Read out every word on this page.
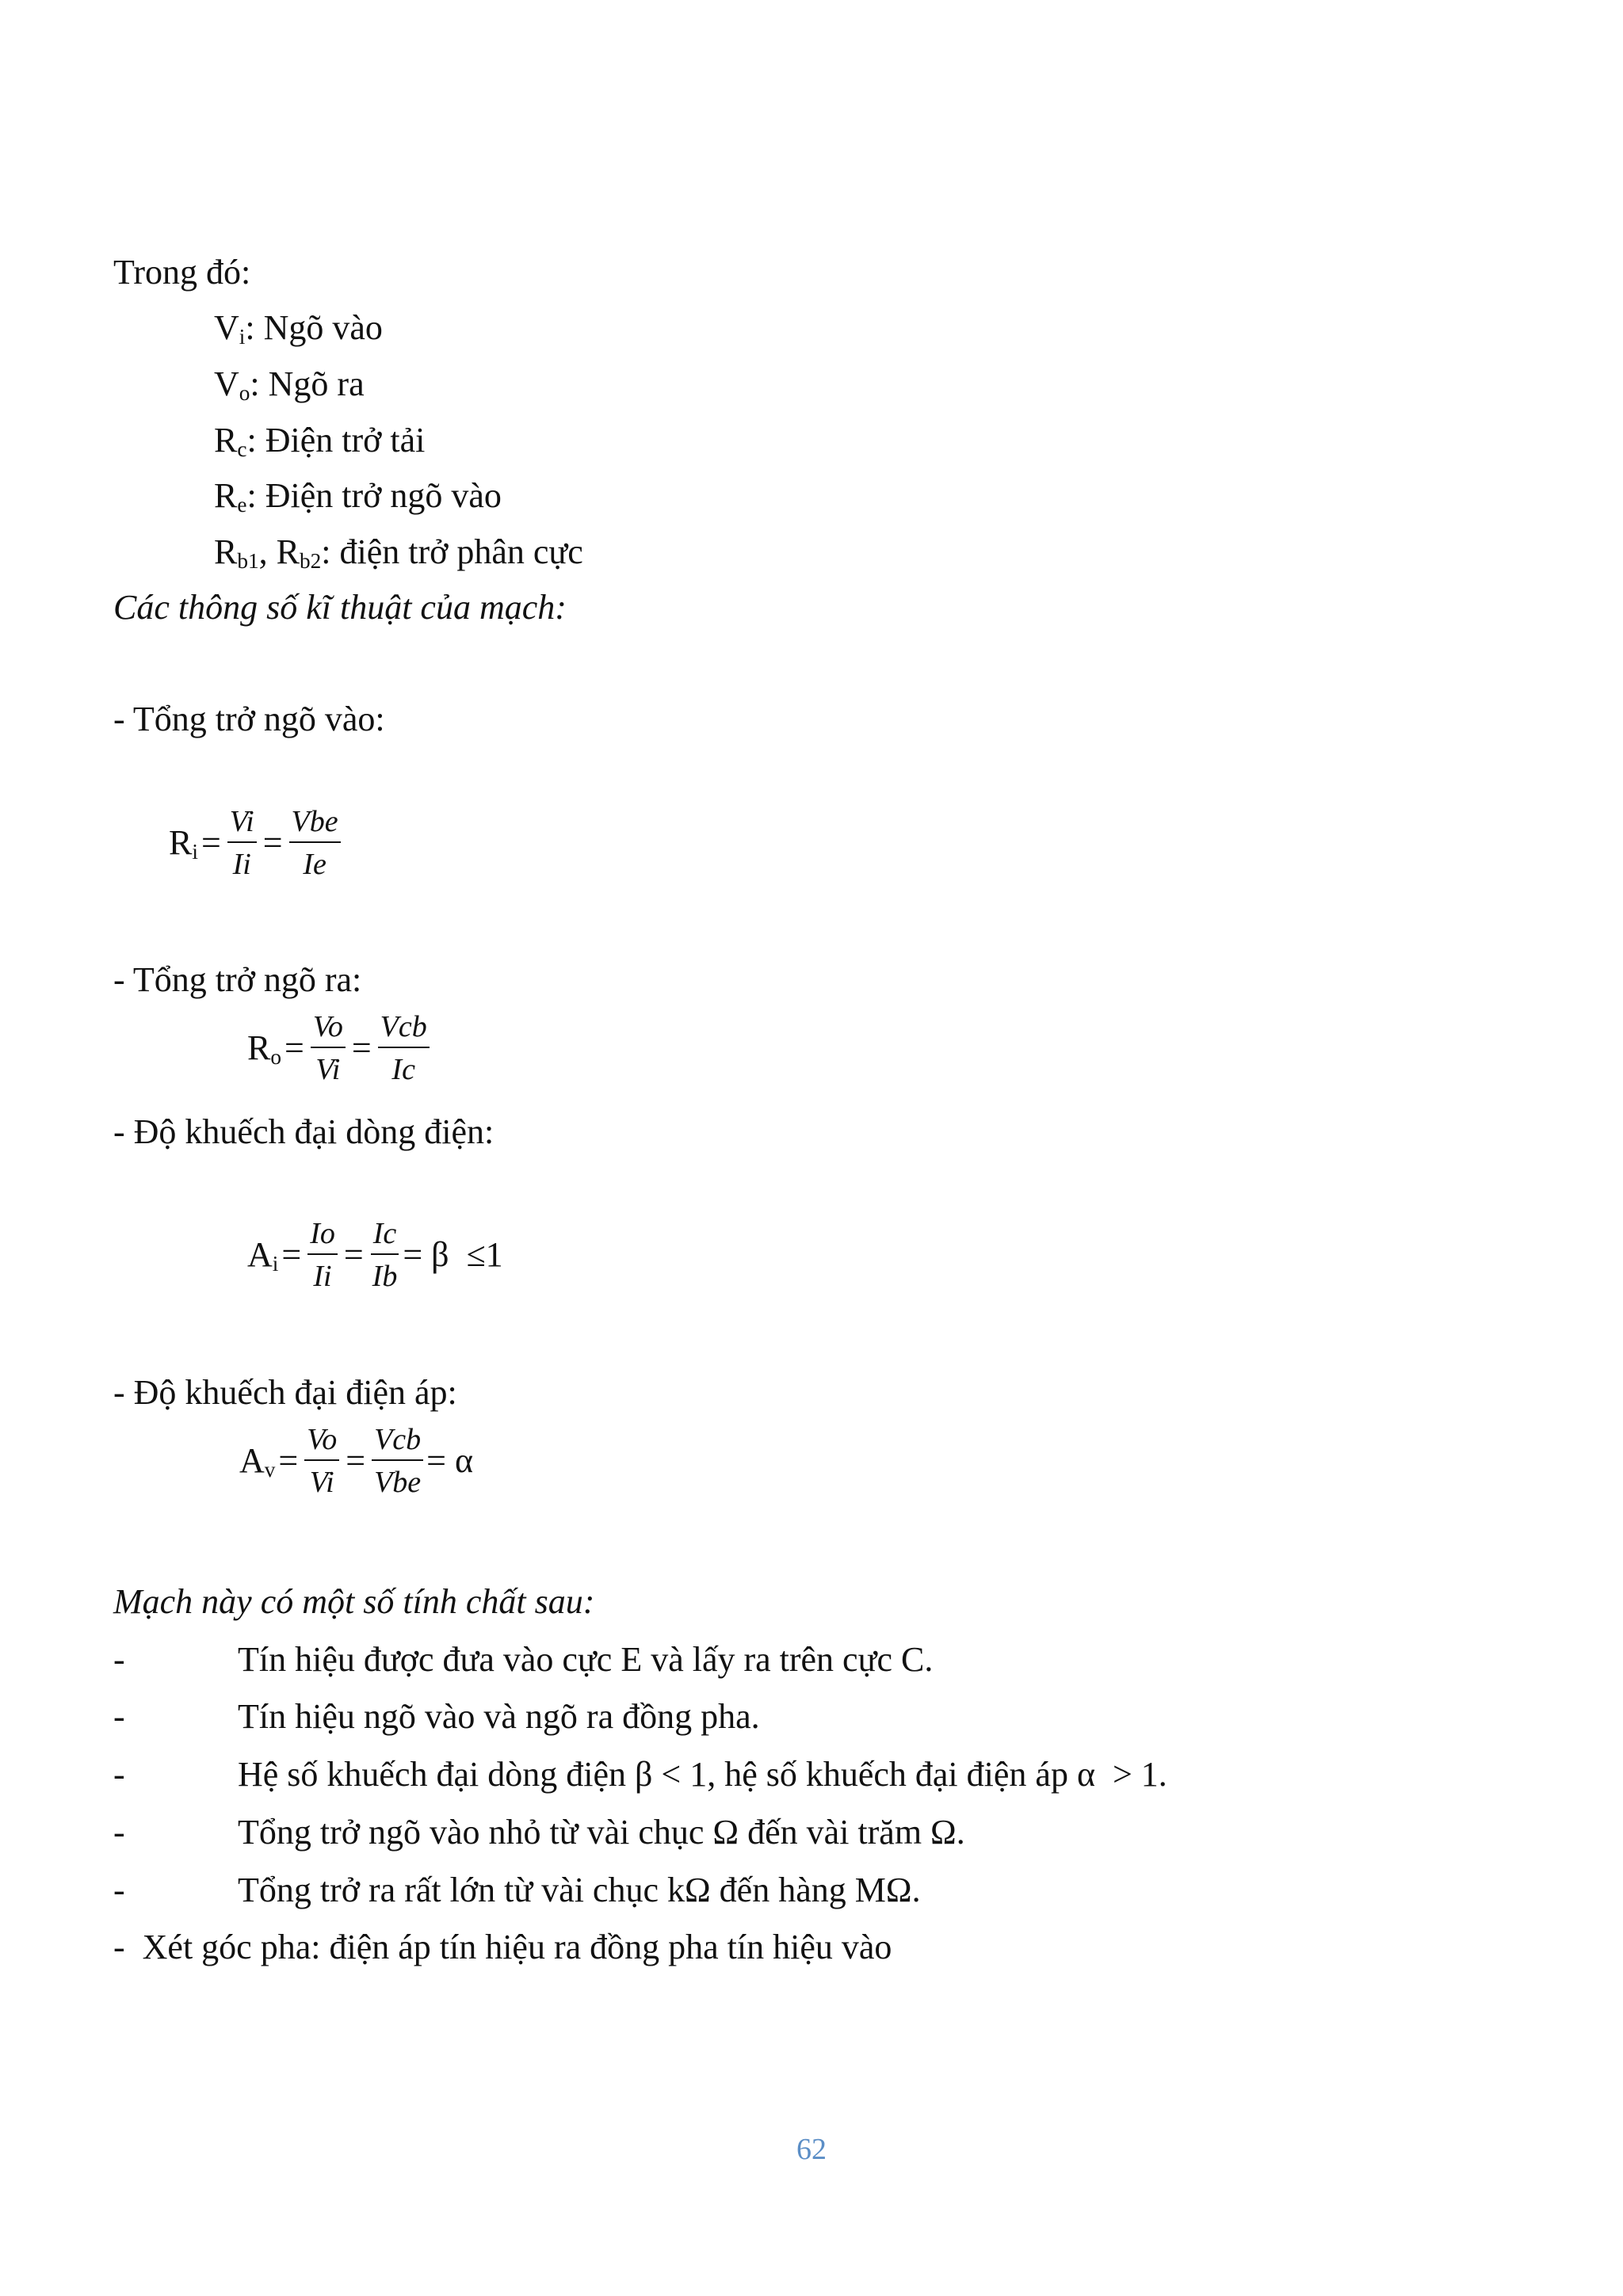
Trong đó:
$V_i$: Ngõ vào
$V_o$: Ngõ ra
$R_c$: Điện trở tải
$R_e$: Điện trở ngõ vào
$R_{b1}$, $R_{b2}$: điện trở phân cực
Các thông số kĩ thuật của mạch:
- Tổng trở ngõ vào:
$R_i = \frac{Vi}{Ii} = \frac{\text{Vbe}}{Ie}$
- Tổng trở ngõ ra:
$R_o = \frac{Vo}{Vi} = \frac{\text{Vcb}}{Ic}$
- Độ khuếch đại dòng điện:
$A_i = \frac{Io}{Ii} = \frac{Ic}{Ib} = \beta \le 1$
- Độ khuếch đại điện áp:
$A_v = \frac{Vo}{Vi} = \frac{\text{Vcb}}{\text{Vbe}} = \alpha$
Mạch này có một số tính chất sau:
-	Tín hiệu được đưa vào cực E và lấy ra trên cực C.
-	Tín hiệu ngõ vào và ngõ ra đồng pha.
-	Hệ số khuếch đại dòng điện β < 1, hệ số khuếch đại điện áp α  > 1.
-	Tổng trở ngõ vào nhỏ từ vài chục Ω đến vài trăm Ω.
-	Tổng trở ra rất lớn từ vài chục kΩ đến hàng MΩ.
-  Xét góc pha: điện áp tín hiệu ra đồng pha tín hiệu vào
62
